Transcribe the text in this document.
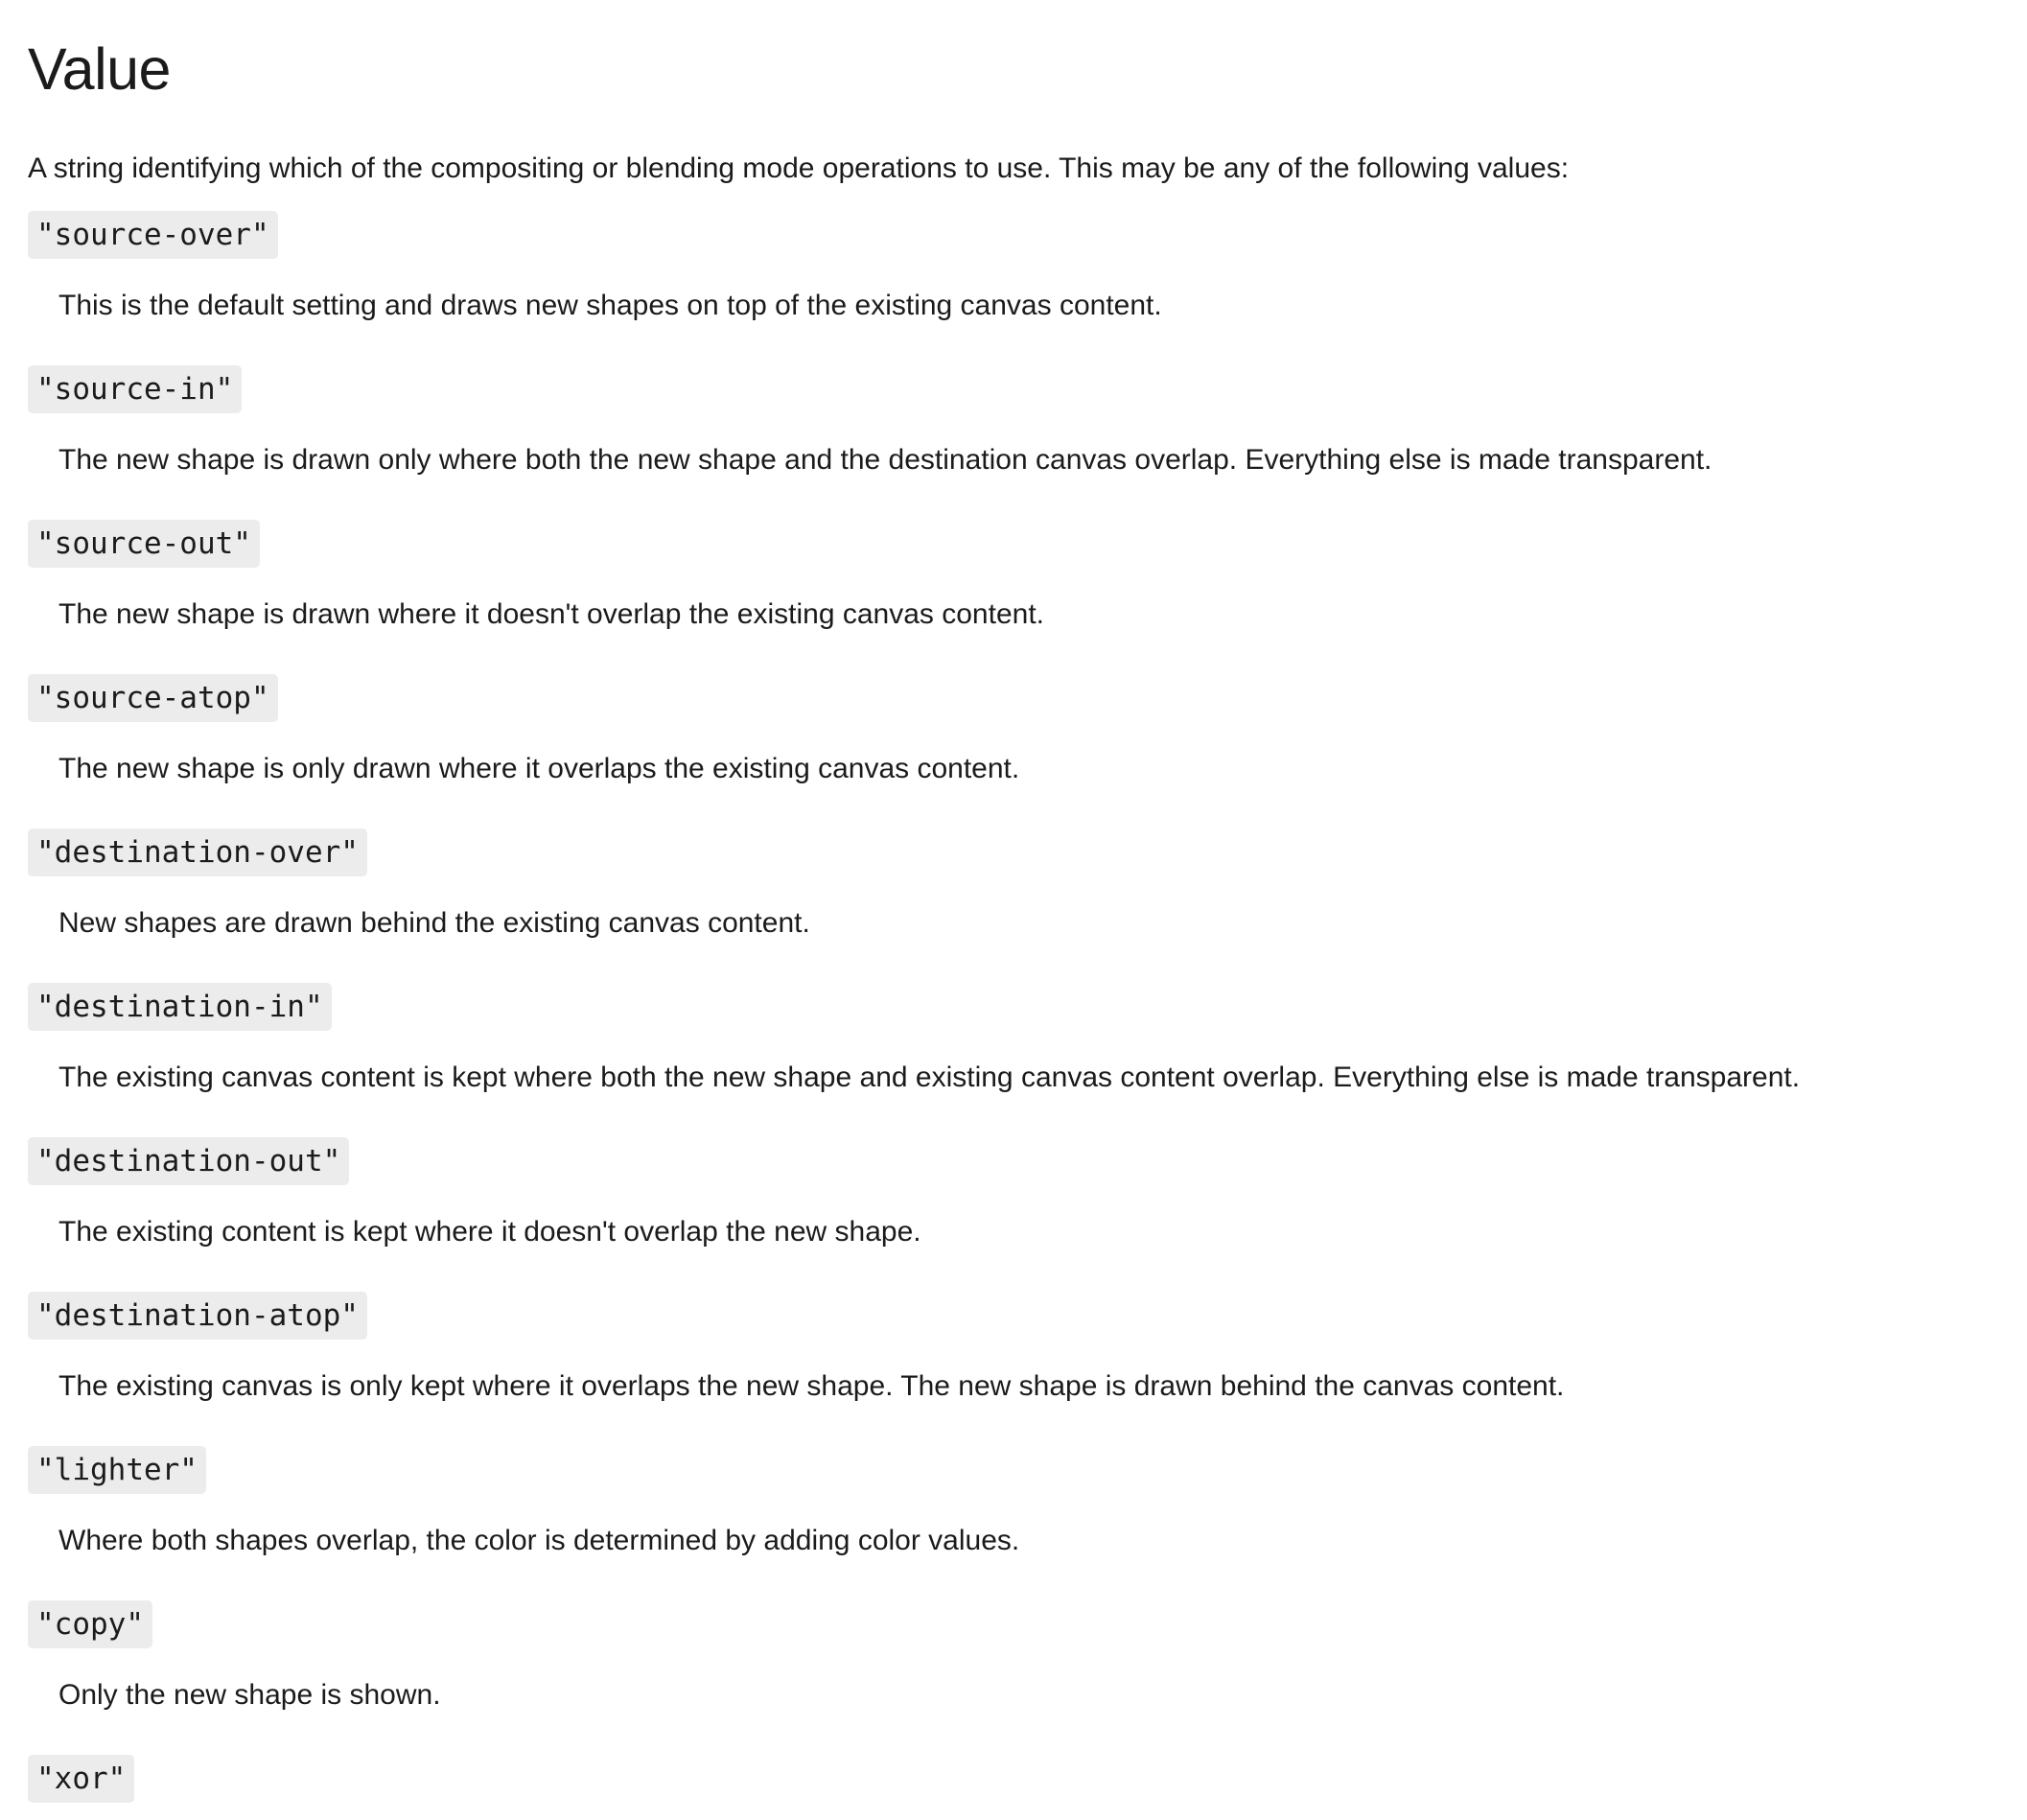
Value

A string identifying which of the compositing or blending mode operations to use. This may be any of the following values:

"source-over"
This is the default setting and draws new shapes on top of the existing canvas content.
"source-in"
The new shape is drawn only where both the new shape and the destination canvas overlap. Everything else is made transparent.
"source-out"
The new shape is drawn where it doesn't overlap the existing canvas content.
"source-atop"
The new shape is only drawn where it overlaps the existing canvas content.
"destination-over"
New shapes are drawn behind the existing canvas content.
"destination-in"
The existing canvas content is kept where both the new shape and existing canvas content overlap. Everything else is made transparent.
"destination-out"
The existing content is kept where it doesn't overlap the new shape.
"destination-atop"
The existing canvas is only kept where it overlaps the new shape. The new shape is drawn behind the canvas content.
"lighter"
Where both shapes overlap, the color is determined by adding color values.
"copy"
Only the new shape is shown.
"xor"
